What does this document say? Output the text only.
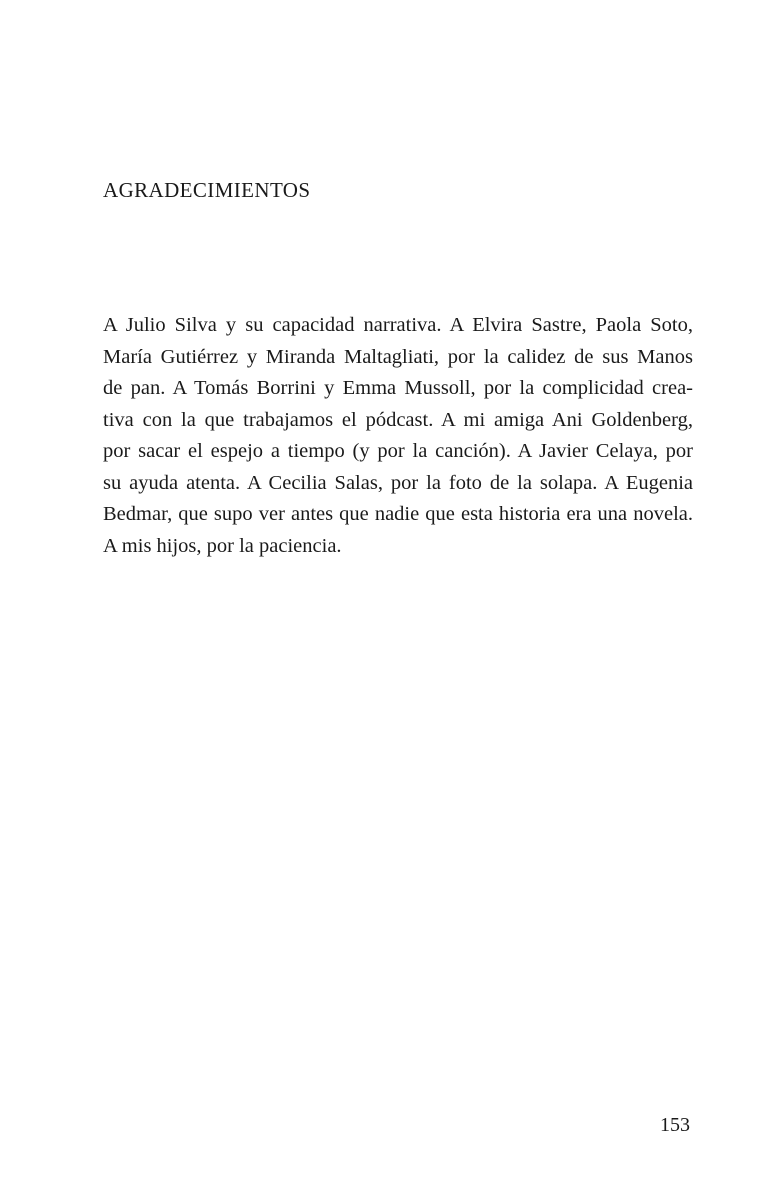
AGRADECIMIENTOS

A Julio Silva y su capacidad narrativa. A Elvira Sastre, Paola Soto,
María Gutiérrez y Miranda Maltagliati, por la calidez de sus Manos
de pan. A Tomás Borrini y Emma Mussoll, por la complicidad crea-
tiva con la que trabajamos el pódcast. A mi amiga Ani Goldenberg,
por sacar el espejo a tiempo (y por la canción). A Javier Celaya, por
su ayuda atenta. A Cecilia Salas, por la foto de la solapa. A Eugenia
Bedmar, que supo ver antes que nadie que esta historia era una novela.
A mis hijos, por la paciencia.

153
